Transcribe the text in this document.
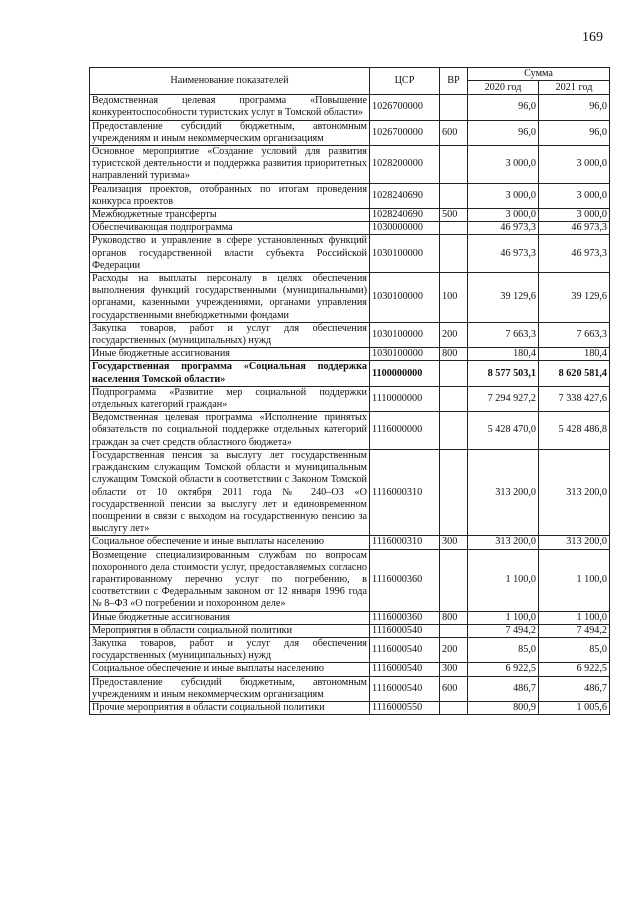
169
Наименование показателей	ЦСР	ВР	Сумма	
			2020 год	2021 год
Ведомственная целевая программа «Повышение конкурентоспособности туристских услуг в Томской области»	1026700000		96,0	96,0
Предоставление субсидий бюджетным, автономным учреждениям и иным некоммерческим организациям	1026700000	600	96,0	96,0
Основное мероприятие «Создание условий для развития туристской деятельности и поддержка развития приоритетных направлений туризма»	1028200000		3 000,0	3 000,0
Реализация проектов, отобранных по итогам проведения конкурса проектов	1028240690		3 000,0	3 000,0
Межбюджетные трансферты	1028240690	500	3 000,0	3 000,0
Обеспечивающая подпрограмма	1030000000		46 973,3	46 973,3
Руководство и управление в сфере установленных функций органов государственной власти субъекта Российской Федерации	1030100000		46 973,3	46 973,3
Расходы на выплаты персоналу в целях обеспечения выполнения функций государственными (муниципальными) органами, казенными учреждениями, органами управления государственными внебюджетными фондами	1030100000	100	39 129,6	39 129,6
Закупка товаров, работ и услуг для обеспечения государственных (муниципальных) нужд	1030100000	200	7 663,3	7 663,3
Иные бюджетные ассигнования	1030100000	800	180,4	180,4
Государственная программа «Социальная поддержка населения Томской области»	1100000000		8 577 503,1	8 620 581,4
Подпрограмма «Развитие мер социальной поддержки отдельных категорий граждан»	1110000000		7 294 927,2	7 338 427,6
Ведомственная целевая программа «Исполнение принятых обязательств по социальной поддержке отдельных категорий граждан за счет средств областного бюджета»	1116000000		5 428 470,0	5 428 486,8
Государственная пенсия за выслугу лет государственным гражданским служащим Томской области и муниципальным служащим Томской области в соответствии с Законом Томской области от 10 октября 2011 года № 240–ОЗ «О государственной пенсии за выслугу лет и единовременном поощрении в связи с выходом на государственную пенсию за выслугу лет»	1116000310		313 200,0	313 200,0
Социальное обеспечение и иные выплаты населению	1116000310	300	313 200,0	313 200,0
Возмещение специализированным службам по вопросам похоронного дела стоимости услуг, предоставляемых согласно гарантированному перечню услуг по погребению, в соответствии с Федеральным законом от 12 января 1996 года № 8–ФЗ «О погребении и похоронном деле»	1116000360		1 100,0	1 100,0
Иные бюджетные ассигнования	1116000360	800	1 100,0	1 100,0
Мероприятия в области социальной политики	1116000540		7 494,2	7 494,2
Закупка товаров, работ и услуг для обеспечения государственных (муниципальных) нужд	1116000540	200	85,0	85,0
Социальное обеспечение и иные выплаты населению	1116000540	300	6 922,5	6 922,5
Предоставление субсидий бюджетным, автономным учреждениям и иным некоммерческим организациям	1116000540	600	486,7	486,7
Прочие мероприятия в области социальной политики	1116000550		800,9	1 005,6
